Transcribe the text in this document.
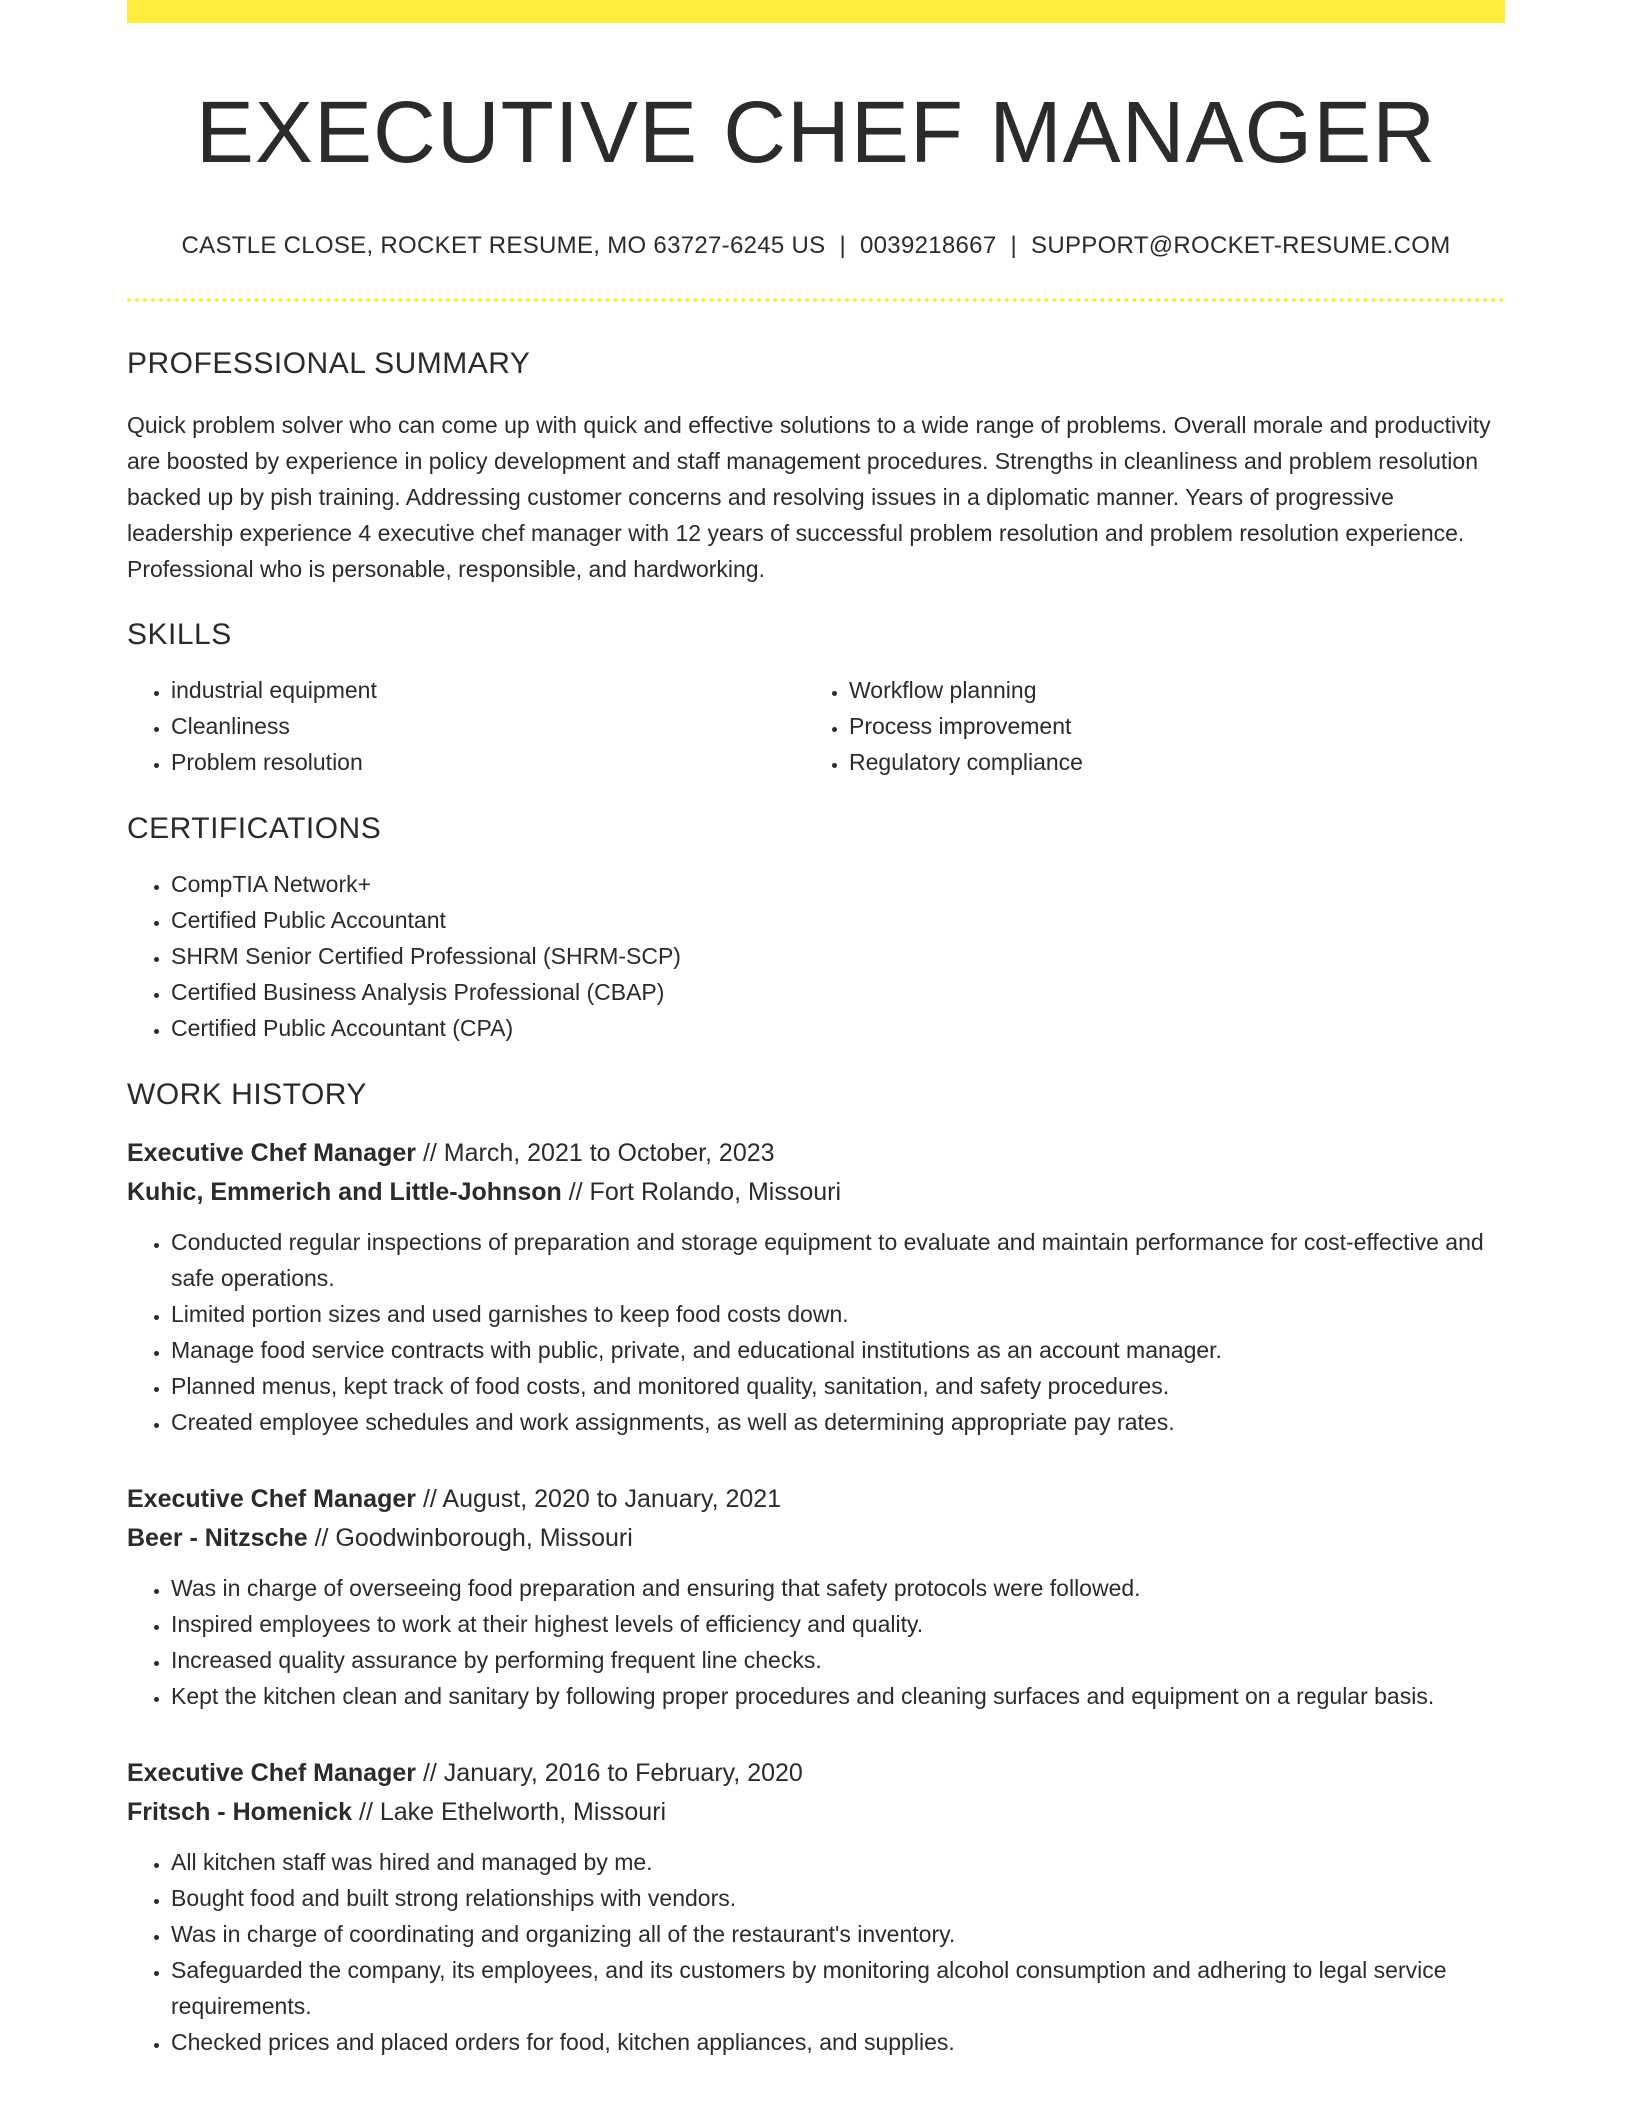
EXECUTIVE CHEF MANAGER
CASTLE CLOSE, ROCKET RESUME, MO 63727-6245 US | 0039218667 | SUPPORT@ROCKET-RESUME.COM
PROFESSIONAL SUMMARY

Quick problem solver who can come up with quick and effective solutions to a wide range of problems. Overall morale and productivity are boosted by experience in policy development and staff management procedures. Strengths in cleanliness and problem resolution backed up by pish training. Addressing customer concerns and resolving issues in a diplomatic manner. Years of progressive leadership experience 4 executive chef manager with 12 years of successful problem resolution and problem resolution experience. Professional who is personable, responsible, and hardworking.

SKILLS
• industrial equipment
• Cleanliness
• Problem resolution
• Workflow planning
• Process improvement
• Regulatory compliance
CERTIFICATIONS
• CompTIA Network+
• Certified Public Accountant
• SHRM Senior Certified Professional (SHRM-SCP)
• Certified Business Analysis Professional (CBAP)
• Certified Public Accountant (CPA)
WORK HISTORY
Executive Chef Manager // March, 2021 to October, 2023
Kuhic, Emmerich and Little-Johnson // Fort Rolando, Missouri
• Conducted regular inspections of preparation and storage equipment to evaluate and maintain performance for cost-effective and safe operations.
• Limited portion sizes and used garnishes to keep food costs down.
• Manage food service contracts with public, private, and educational institutions as an account manager.
• Planned menus, kept track of food costs, and monitored quality, sanitation, and safety procedures.
• Created employee schedules and work assignments, as well as determining appropriate pay rates.
Executive Chef Manager // August, 2020 to January, 2021
Beer - Nitzsche // Goodwinborough, Missouri
• Was in charge of overseeing food preparation and ensuring that safety protocols were followed.
• Inspired employees to work at their highest levels of efficiency and quality.
• Increased quality assurance by performing frequent line checks.
• Kept the kitchen clean and sanitary by following proper procedures and cleaning surfaces and equipment on a regular basis.
Executive Chef Manager // January, 2016 to February, 2020
Fritsch - Homenick // Lake Ethelworth, Missouri
• All kitchen staff was hired and managed by me.
• Bought food and built strong relationships with vendors.
• Was in charge of coordinating and organizing all of the restaurant's inventory.
• Safeguarded the company, its employees, and its customers by monitoring alcohol consumption and adhering to legal service requirements.
• Checked prices and placed orders for food, kitchen appliances, and supplies.
